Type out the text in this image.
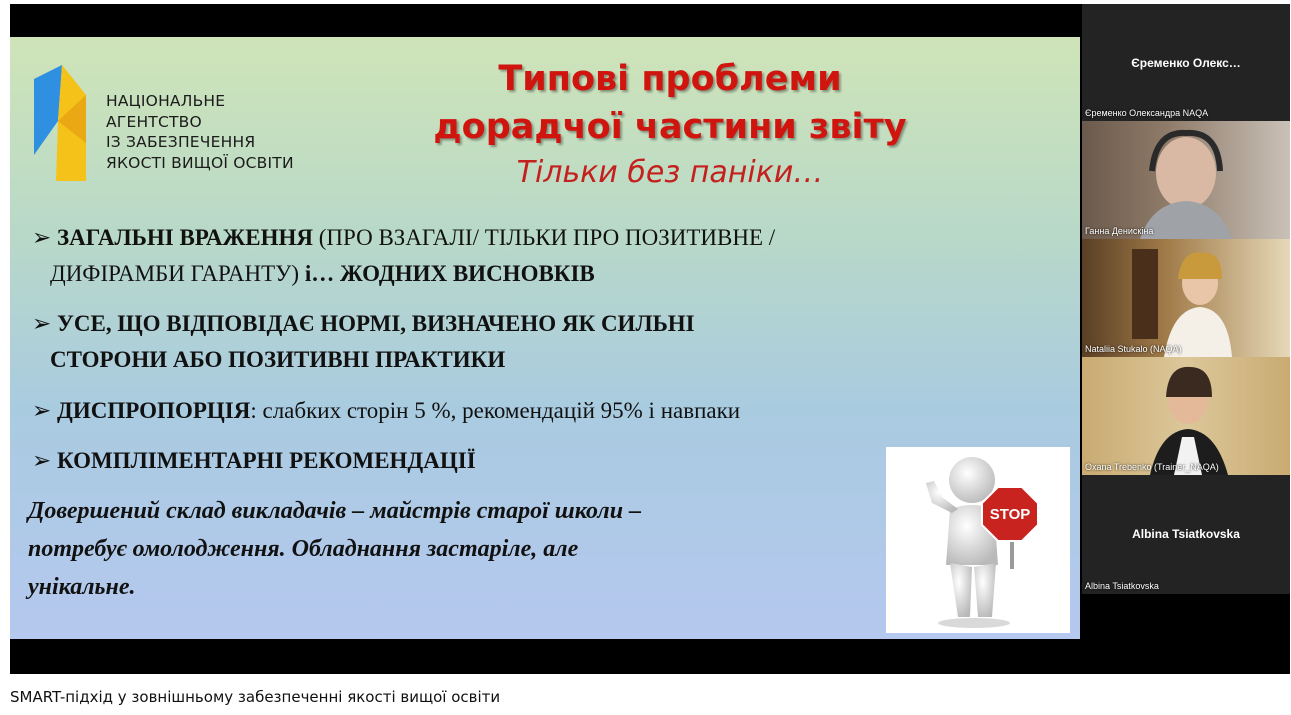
НАЦІОНАЛЬНЕ
АГЕНТСТВО
ІЗ ЗАБЕЗПЕЧЕННЯ
ЯКОСТІ ВИЩОЇ ОСВІТИ
Типові проблеми
дорадчої частини звіту
Тільки без паніки…
➢ ЗАГАЛЬНІ ВРАЖЕННЯ (ПРО ВЗАГАЛІ/ ТІЛЬКИ ПРО ПОЗИТИВНЕ /
ДИФІРАМБИ ГАРАНТУ) і… ЖОДНИХ ВИСНОВКІВ
➢ УСЕ, ЩО ВІДПОВІДАЄ НОРМІ, ВИЗНАЧЕНО ЯК СИЛЬНІ
СТОРОНИ АБО ПОЗИТИВНІ ПРАКТИКИ
➢ ДИСПРОПОРЦІЯ: слабких сторін 5 %, рекомендацій 95% і навпаки
➢ КОМПЛІМЕНТАРНІ РЕКОМЕНДАЦІЇ
Довершений склад викладачів – майстрів старої школи –
потребує омолодження. Обладнання застаріле, але
унікальне.
STOP
Єременко Олекс…
Єременко Олександра NAQA
Ганна Денискіна
Nataliia Stukalo (NAQA)
Oxana Trebenko (Trainer_NAQA)
Albina Tsiatkovska
Albina Tsiatkovska
SMART-підхід у зовнішньому забезпеченні якості вищої освіти
